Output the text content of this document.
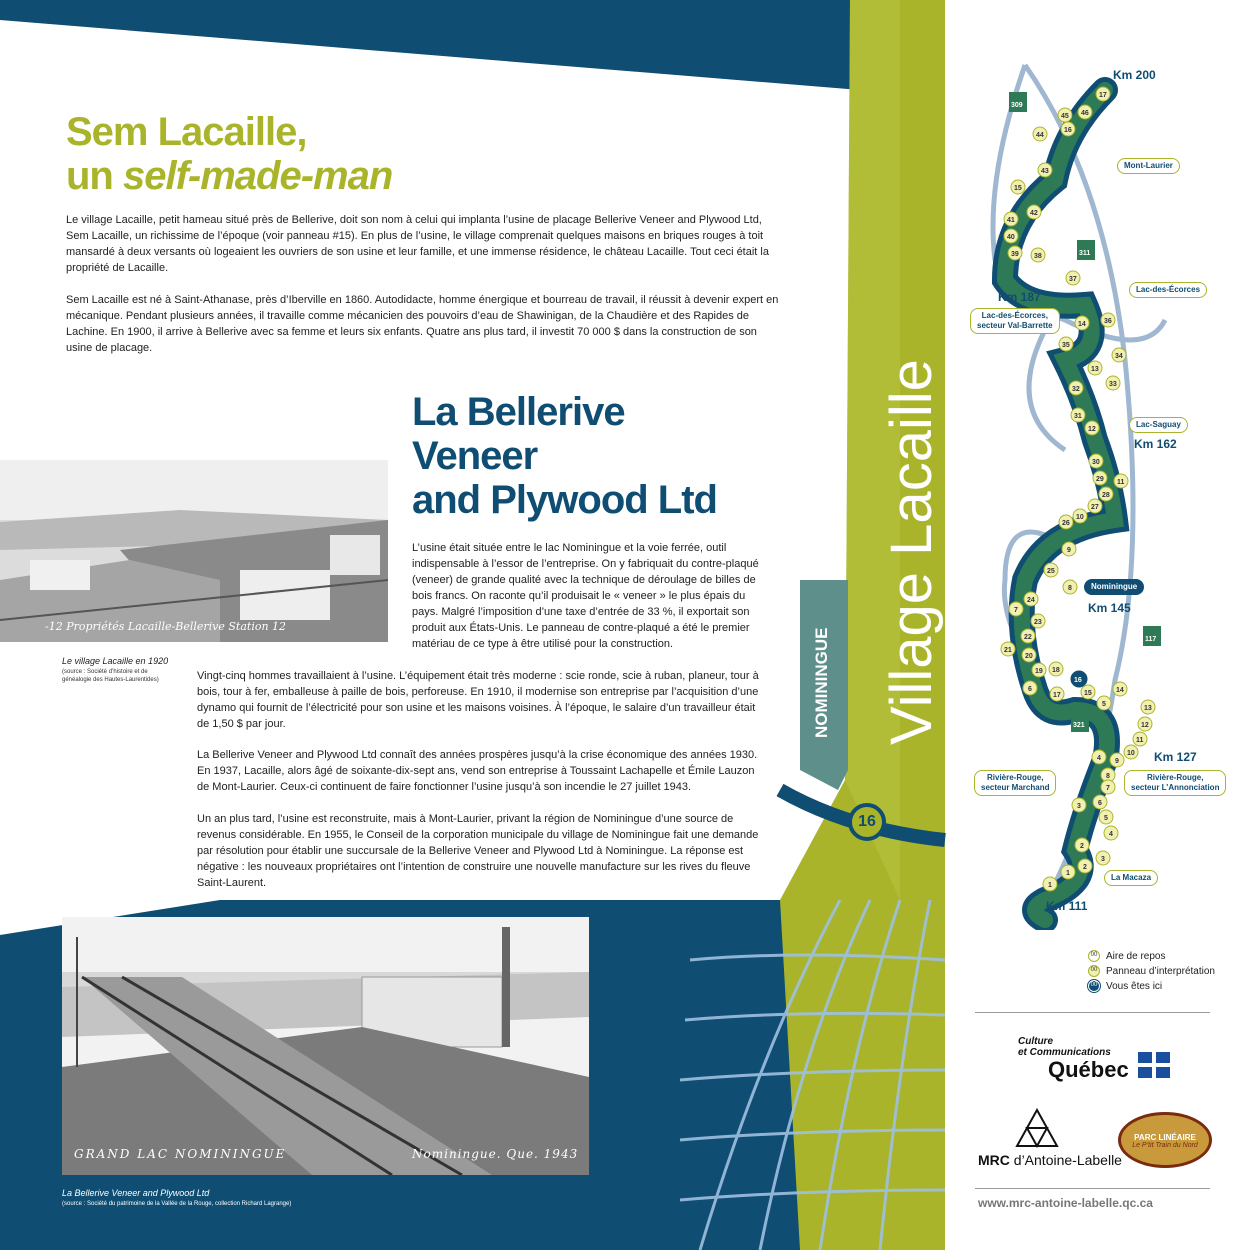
Sem Lacaille,
un self-made-man
Le village Lacaille, petit hameau situé près de Bellerive, doit son nom à celui qui implanta l’usine de placage Bellerive Veneer and Plywood Ltd, Sem Lacaille, un richissime de l’époque (voir panneau #15). En plus de l’usine, le village comprenait quelques maisons en briques rouges à toit mansardé à deux versants où logeaient les ouvriers de son usine et leur famille, et une immense résidence, le château Lacaille. Tout ceci était la propriété de Lacaille.
Sem Lacaille est né à Saint-Athanase, près d’Iberville en 1860. Autodidacte, homme énergique et bourreau de travail, il réussit à devenir expert en mécanique. Pendant plusieurs années, il travaille comme mécanicien des pouvoirs d’eau de Shawinigan, de la Chaudière et des Rapides de Lachine. En 1900, il arrive à Bellerive avec sa femme et leurs six enfants. Quatre ans plus tard, il investit 70 000 $ dans la construction de son usine de placage.
La Bellerive
Veneer
and Plywood Ltd
L’usine était située entre le lac Nominingue et la voie ferrée, outil indispensable à l’essor de l’entreprise. On y fabriquait du contre-plaqué (veneer) de grande qualité avec la technique de déroulage de billes de bois francs. On raconte qu’il produisait le « veneer » le plus épais du pays. Malgré l’imposition d’une taxe d’entrée de 33 %, il exportait son produit aux États-Unis. Le panneau de contre-plaqué a été le premier matériau de ce type à être utilisé pour la construction.
Vingt-cinq hommes travaillaient à l’usine. L’équipement était très moderne : scie ronde, scie à ruban, planeur, tour à bois, tour à fer, emballeuse à paille de bois, perforeuse. En 1910, il modernise son entreprise par l’acquisition d’une dynamo qui fournit de l’électricité pour son usine et les maisons voisines. À l’époque, le salaire d’un travailleur était de 1,50 $ par jour.
La Bellerive Veneer and Plywood Ltd connaît des années prospères jusqu’à la crise économique des années 1930. En 1937, Lacaille, alors âgé de soixante-dix-sept ans, vend son entreprise à Toussaint Lachapelle et Émile Lauzon de Mont-Laurier. Ceux-ci continuent de faire fonctionner l’usine jusqu’à son incendie le 27 juillet 1943.
Un an plus tard, l’usine est reconstruite, mais à Mont-Laurier, privant la région de Nominingue d’une source de revenus considérable. En 1955, le Conseil de la corporation municipale du village de Nominingue fait une demande par résolution pour établir une succursale de la Bellerive Veneer and Plywood Ltd à Nominingue. La réponse est négative : les nouveaux propriétaires ont l’intention de construire une nouvelle manufacture sur les rives du fleuve Saint-Laurent.
-12 Propriétés Lacaille-Bellerive Station 12
Le village Lacaille en 1920
(source : Société d’histoire et de généalogie des Hautes-Laurentides)
GRAND LAC NOMININGUE	Nominingue. Que. 1943
La Bellerive Veneer and Plywood Ltd
(source : Société du patrimoine de la Vallée de la Rouge, collection Richard Lagrange)
Village Lacaille
NOMININGUE
16
17
45 46
44
16
43
15
42
41
40
39 38
37
36
14
35
34
13
33
32
31
12
30
29 11
28
27
10
26
9
25
8
24
7
23
22
21
20
19 18
16
6
17	15	14
5
13
12
11
10
9
4
8
7
6
3
5
4
2
3
2
1
1
309
311
117
321
Km 200
Km 187
Km 162
Km 145
Km 127
Km 111
Mont-Laurier
Lac-des-Écorces
Lac-des-Écorces,
secteur Val-Barrette
Lac-Saguay
Nominingue
Rivière-Rouge,
secteur Marchand
Rivière-Rouge,
secteur L’Annonciation
La Macaza
00 Aire de repos
00 Panneau d’interprétation
00 Vous êtes ici
Culture
et Communications
Québec
MRC d’Antoine-Labelle
PARC LINÉAIRE
Le P’tit Train du Nord
www.mrc-antoine-labelle.qc.ca
